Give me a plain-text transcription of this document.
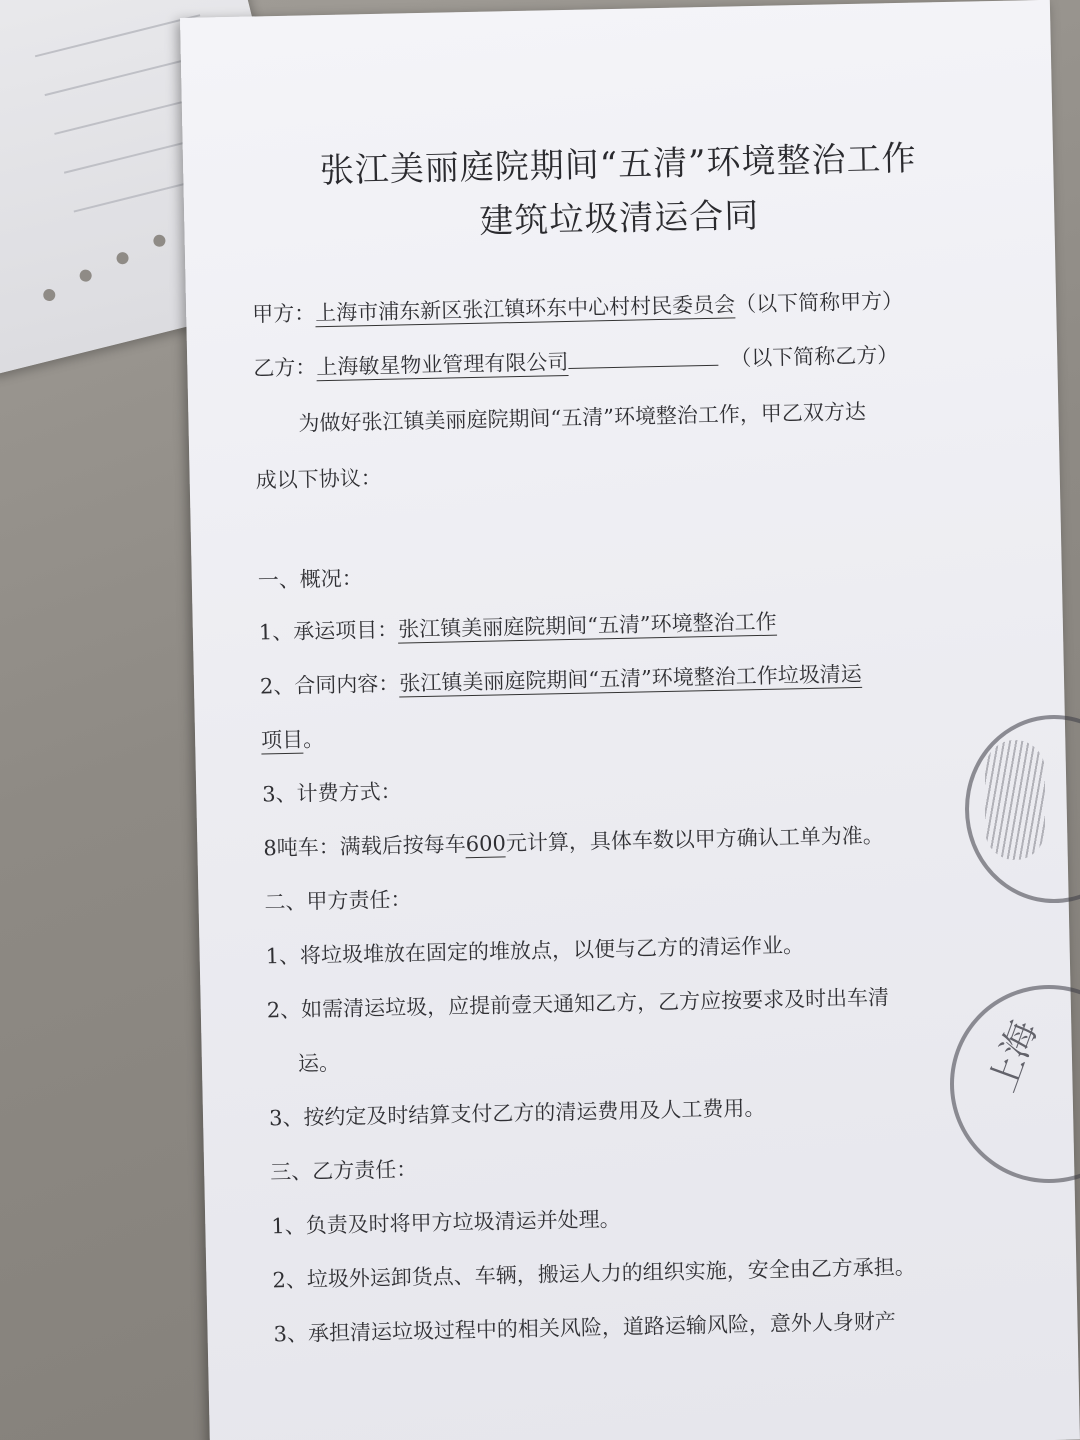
张江美丽庭院期间“五清”环境整治工作
建筑垃圾清运合同
甲方：上海市浦东新区张江镇环东中心村村民委员会（以下简称甲方）
乙方：上海敏星物业管理有限公司	（以下简称乙方）
为做好张江镇美丽庭院期间“五清”环境整治工作，甲乙双方达
成以下协议：
一、概况：
1、承运项目：张江镇美丽庭院期间“五清”环境整治工作
2、合同内容：张江镇美丽庭院期间“五清”环境整治工作垃圾清运
项目。
3、计费方式：
8吨车：满载后按每车600元计算，具体车数以甲方确认工单为准。
二、甲方责任：
1、将垃圾堆放在固定的堆放点，以便与乙方的清运作业。
2、如需清运垃圾，应提前壹天通知乙方，乙方应按要求及时出车清
运。
3、按约定及时结算支付乙方的清运费用及人工费用。
三、乙方责任：
1、负责及时将甲方垃圾清运并处理。
2、垃圾外运卸货点、车辆，搬运人力的组织实施，安全由乙方承担。
3、承担清运垃圾过程中的相关风险，道路运输风险，意外人身财产
上海
